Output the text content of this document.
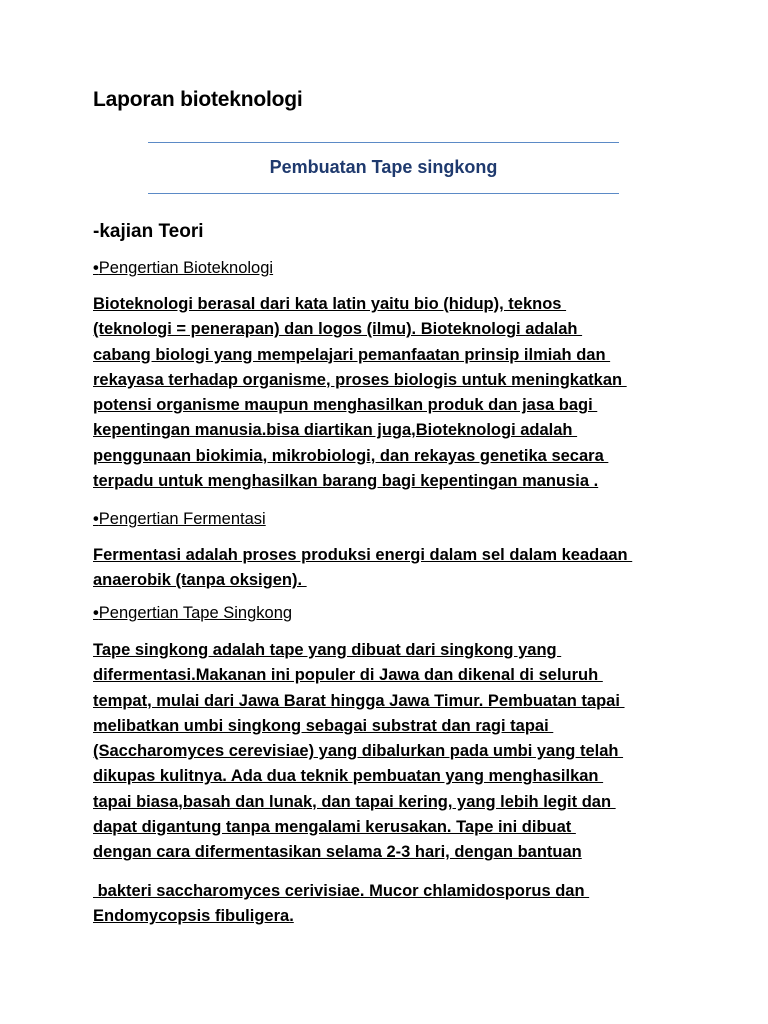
Laporan bioteknologi
Pembuatan Tape singkong
-kajian Teori
•Pengertian Bioteknologi
Bioteknologi berasal dari kata latin yaitu bio (hidup), teknos
(teknologi = penerapan) dan logos (ilmu). Bioteknologi adalah
cabang biologi yang mempelajari pemanfaatan prinsip ilmiah dan
rekayasa terhadap organisme, proses biologis untuk meningkatkan
potensi organisme maupun menghasilkan produk dan jasa bagi
kepentingan manusia.bisa diartikan juga,Bioteknologi adalah
penggunaan biokimia, mikrobiologi, dan rekayas genetika secara
terpadu untuk menghasilkan barang bagi kepentingan manusia .
•Pengertian Fermentasi
Fermentasi adalah proses produksi energi dalam sel dalam keadaan
anaerobik (tanpa oksigen).
•Pengertian Tape Singkong
Tape singkong adalah tape yang dibuat dari singkong yang
difermentasi.Makanan ini populer di Jawa dan dikenal di seluruh
tempat, mulai dari Jawa Barat hingga Jawa Timur. Pembuatan tapai
melibatkan umbi singkong sebagai substrat dan ragi tapai
(Saccharomyces cerevisiae) yang dibalurkan pada umbi yang telah
dikupas kulitnya. Ada dua teknik pembuatan yang menghasilkan
tapai biasa,basah dan lunak, dan tapai kering, yang lebih legit dan
dapat digantung tanpa mengalami kerusakan. Tape ini dibuat
dengan cara difermentasikan selama 2-3 hari, dengan bantuan
bakteri saccharomyces cerivisiae. Mucor chlamidosporus dan
Endomycopsis fibuligera.
